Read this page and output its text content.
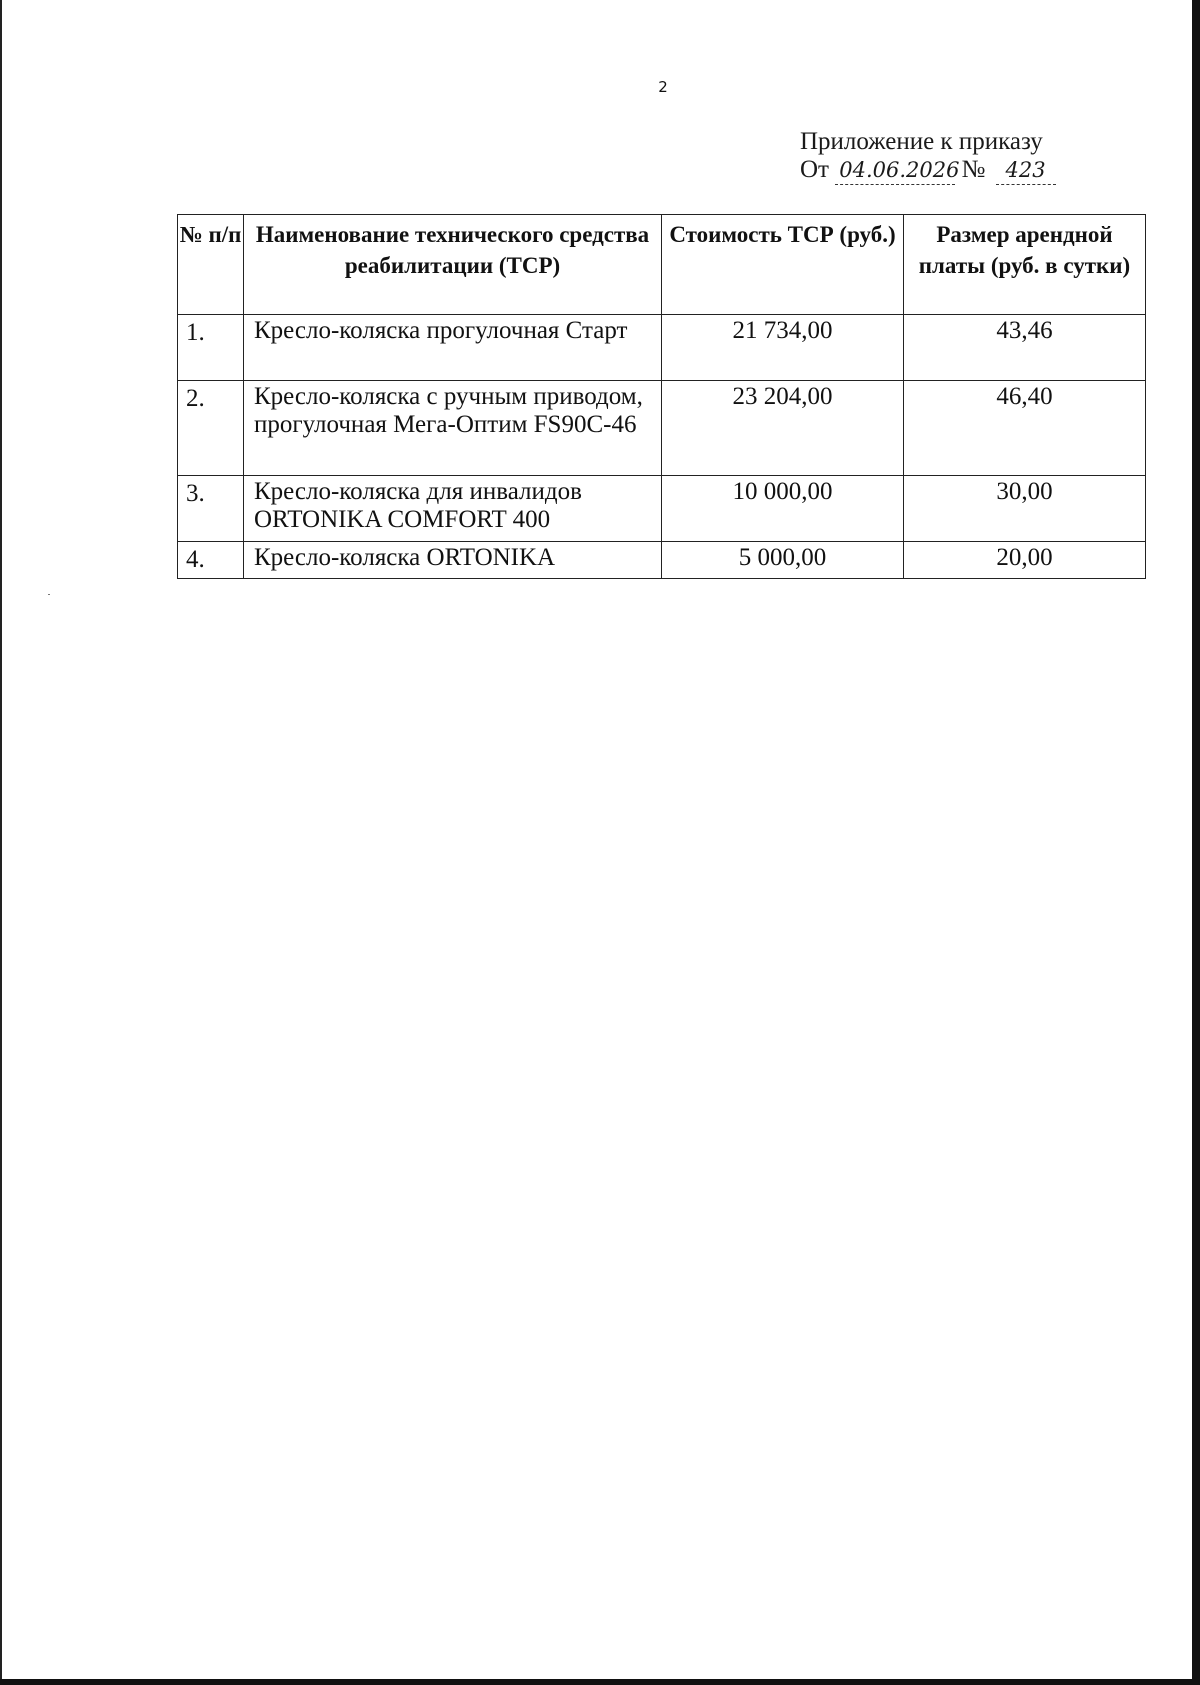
2
Приложение к приказу
От 04.06.2026 № 423
№ п/п	Наименование технического средства реабилитации (ТСР)	Стоимость ТСР (руб.)	Размер арендной платы (руб. в сутки)
1.	Кресло-коляска прогулочная Старт	21 734,00	43,46
2.	Кресло-коляска с ручным приводом, прогулочная Мега-Оптим FS90C-46	23 204,00	46,40
3.	Кресло-коляска для инвалидов ORTONIKA COMFORT 400	10 000,00	30,00
4.	Кресло-коляска ORTONIKA	5 000,00	20,00
